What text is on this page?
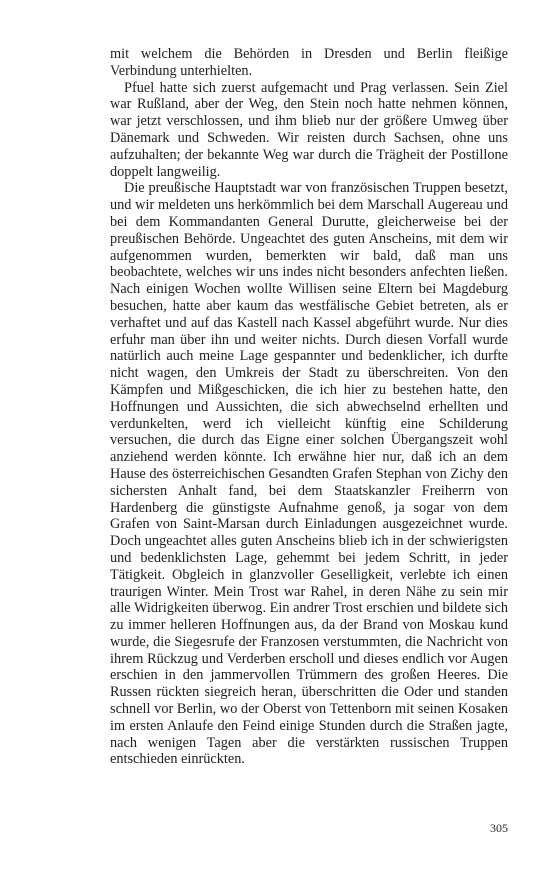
mit welchem die Behörden in Dresden und Berlin fleißige Verbindung unterhielten.

Pfuel hatte sich zuerst aufgemacht und Prag verlassen. Sein Ziel war Rußland, aber der Weg, den Stein noch hatte nehmen können, war jetzt verschlossen, und ihm blieb nur der größere Umweg über Dänemark und Schweden. Wir reisten durch Sachsen, ohne uns aufzuhalten; der bekannte Weg war durch die Trägheit der Postillone doppelt langweilig.

Die preußische Hauptstadt war von französischen Truppen besetzt, und wir meldeten uns herkömmlich bei dem Marschall Augereau und bei dem Kommandanten General Durutte, gleicherweise bei der preußischen Behörde. Ungeachtet des guten Anscheins, mit dem wir aufgenommen wurden, bemerkten wir bald, daß man uns beobachtete, welches wir uns indes nicht besonders anfechten ließen. Nach einigen Wochen wollte Willisen seine Eltern bei Magdeburg besuchen, hatte aber kaum das westfälische Gebiet betreten, als er verhaftet und auf das Kastell nach Kassel abgeführt wurde. Nur dies erfuhr man über ihn und weiter nichts. Durch diesen Vorfall wurde natürlich auch meine Lage gespannter und bedenklicher, ich durfte nicht wagen, den Umkreis der Stadt zu überschreiten. Von den Kämpfen und Mißgeschicken, die ich hier zu bestehen hatte, den Hoffnungen und Aussichten, die sich abwechselnd erhellten und verdunkelten, werd ich vielleicht künftig eine Schilderung versuchen, die durch das Eigne einer solchen Übergangszeit wohl anziehend werden könnte. Ich erwähne hier nur, daß ich an dem Hause des österreichischen Gesandten Grafen Stephan von Zichy den sichersten Anhalt fand, bei dem Staatskanzler Freiherrn von Hardenberg die günstigste Aufnahme genoß, ja sogar von dem Grafen von Saint-Marsan durch Einladungen ausgezeichnet wurde. Doch ungeachtet alles guten Anscheins blieb ich in der schwierigsten und bedenklichsten Lage, gehemmt bei jedem Schritt, in jeder Tätigkeit. Obgleich in glanzvoller Geselligkeit, verlebte ich einen traurigen Winter. Mein Trost war Rahel, in deren Nähe zu sein mir alle Widrigkeiten überwog. Ein andrer Trost erschien und bildete sich zu immer helleren Hoffnungen aus, da der Brand von Moskau kund wurde, die Siegesrufe der Franzosen verstummten, die Nachricht von ihrem Rückzug und Verderben erscholl und dieses endlich vor Augen erschien in den jammervollen Trümmern des großen Heeres. Die Russen rückten siegreich heran, überschritten die Oder und standen schnell vor Berlin, wo der Oberst von Tettenborn mit seinen Kosaken im ersten Anlaufe den Feind einige Stunden durch die Straßen jagte, nach wenigen Tagen aber die verstärkten russischen Truppen entschieden einrückten.

305
